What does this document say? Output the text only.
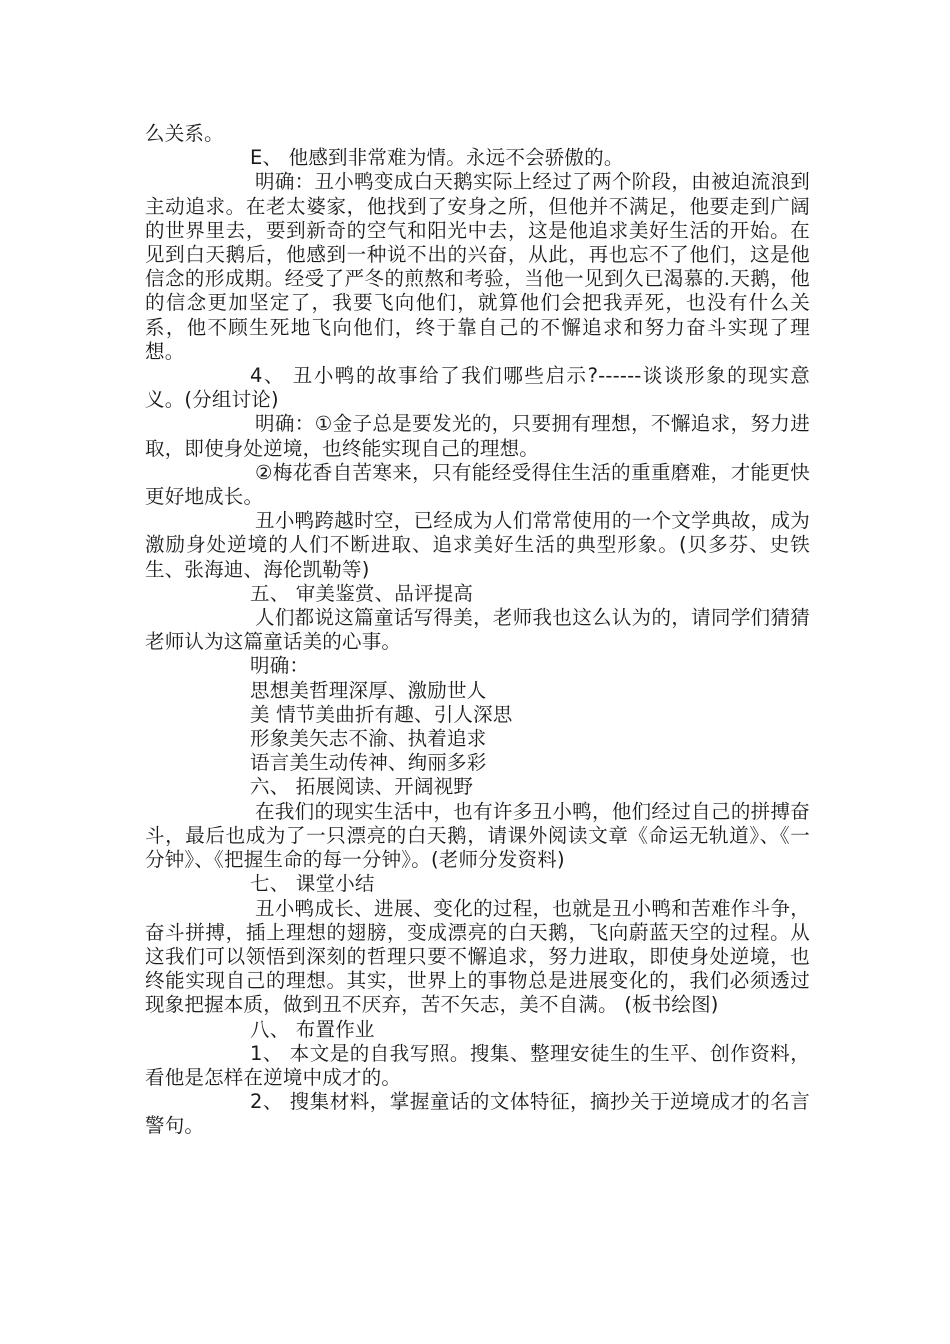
么关系。

E、 他感到非常难为情。永远不会骄傲的。

明确：丑小鸭变成白天鹅实际上经过了两个阶段，由被迫流浪到主动追求。在老太婆家，他找到了安身之所，但他并不满足，他要走到广阔的世界里去，要到新奇的空气和阳光中去，这是他追求美好生活的开始。在见到白天鹅后，他感到一种说不出的兴奋，从此，再也忘不了他们，这是他信念的形成期。经受了严冬的煎熬和考验，当他一见到久已渴慕的.天鹅，他的信念更加坚定了，我要飞向他们，就算他们会把我弄死，也没有什么关系，他不顾生死地飞向他们，终于靠自己的不懈追求和努力奋斗实现了理想。

4、 丑小鸭的故事给了我们哪些启示?------谈谈形象的现实意义。(分组讨论)

明确：①金子总是要发光的，只要拥有理想，不懈追求，努力进取，即使身处逆境，也终能实现自己的理想。

②梅花香自苦寒来，只有能经受得住生活的重重磨难，才能更快更好地成长。

丑小鸭跨越时空，已经成为人们常常使用的一个文学典故，成为激励身处逆境的人们不断进取、追求美好生活的典型形象。(贝多芬、史铁生、张海迪、海伦凯勒等)

五、 审美鉴赏、品评提高

人们都说这篇童话写得美，老师我也这么认为的，请同学们猜猜老师认为这篇童话美的心事。

明确：

思想美哲理深厚、激励世人

美 情节美曲折有趣、引人深思

形象美矢志不渝、执着追求

语言美生动传神、绚丽多彩

六、 拓展阅读、开阔视野

在我们的现实生活中，也有许多丑小鸭，他们经过自己的拼搏奋斗，最后也成为了一只漂亮的白天鹅，请课外阅读文章《命运无轨道》、《一分钟》、《把握生命的每一分钟》。(老师分发资料)

七、 课堂小结

丑小鸭成长、进展、变化的过程，也就是丑小鸭和苦难作斗争，奋斗拼搏，插上理想的翅膀，变成漂亮的白天鹅，飞向蔚蓝天空的过程。从这我们可以领悟到深刻的哲理只要不懈追求，努力进取，即使身处逆境，也终能实现自己的理想。其实，世界上的事物总是进展变化的，我们必须透过现象把握本质，做到丑不厌弃，苦不矢志，美不自满。 (板书绘图)

八、 布置作业

1、 本文是的自我写照。搜集、整理安徒生的生平、创作资料，看他是怎样在逆境中成才的。

2、 搜集材料，掌握童话的文体特征，摘抄关于逆境成才的名言警句。
